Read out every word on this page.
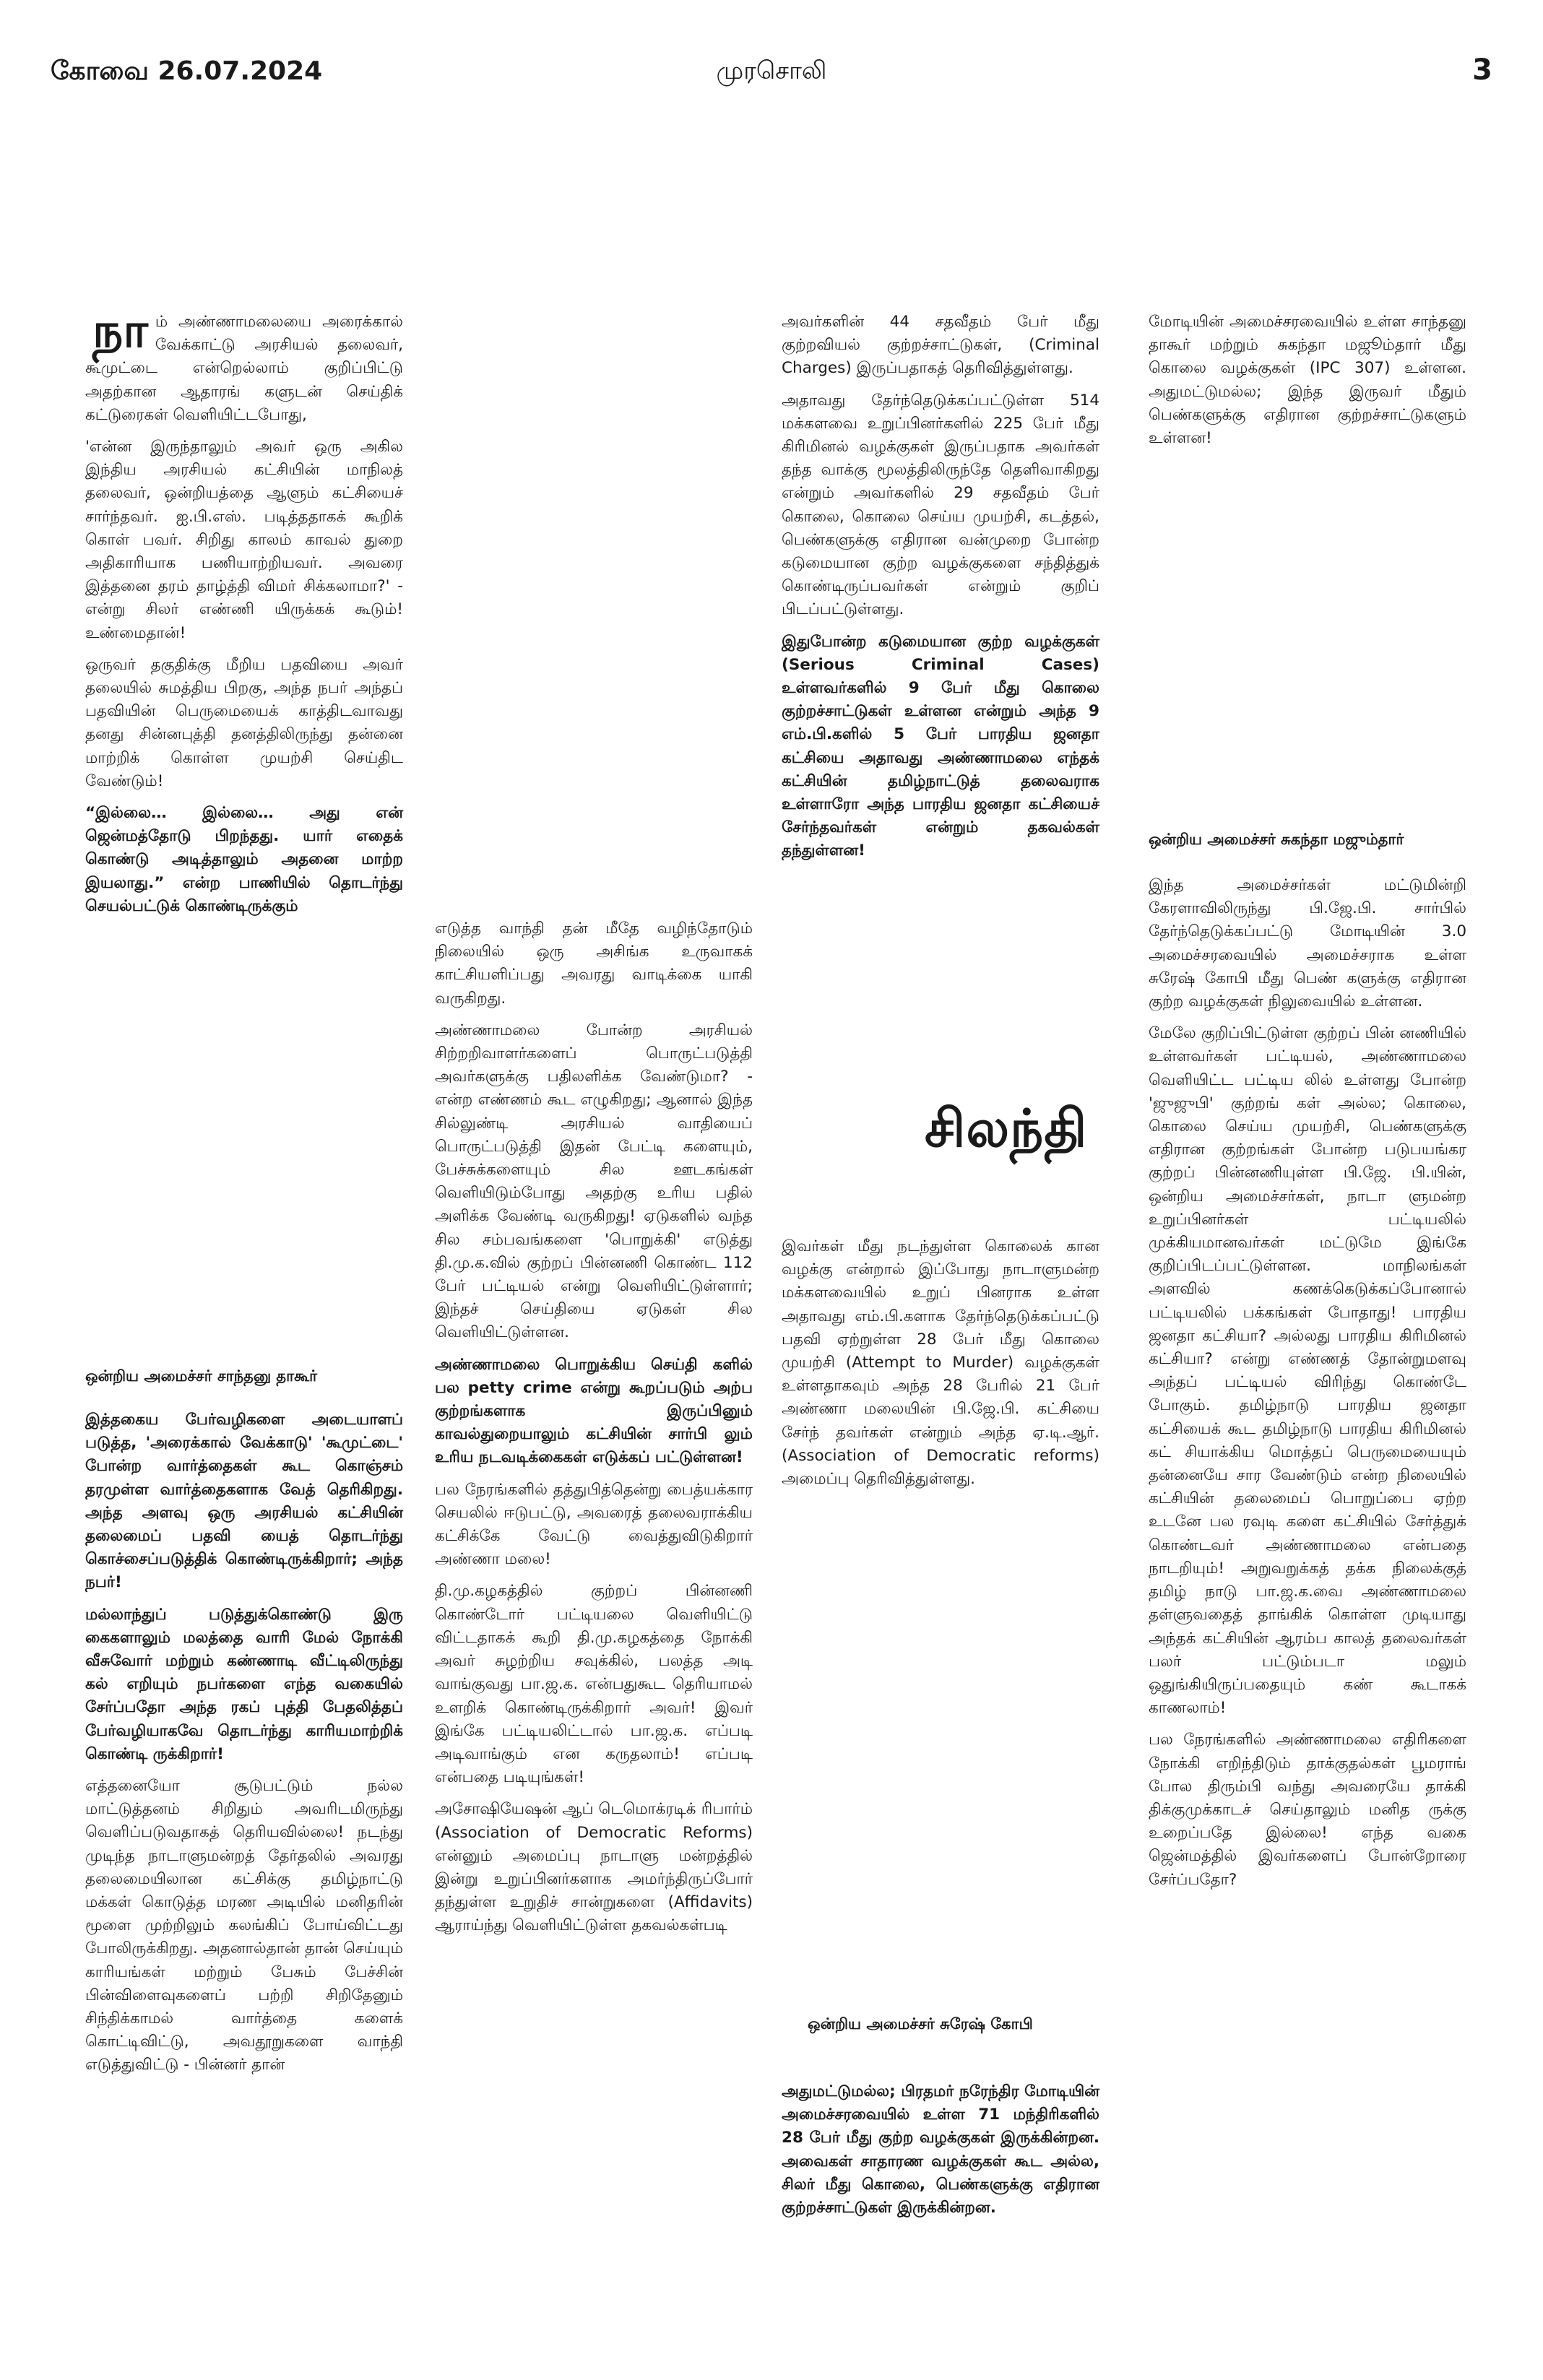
கோவை 26.07.2024	முரசொலி	3

நாம் அண்ணாமலையை அரைக்கால் வேக்காட்டு அரசியல் தலைவர், கூமுட்டை என்றெல்லாம் குறிப்பிட்டு அதற்கான ஆதாரங் களுடன் செய்திக் கட்டுரைகள் வெளியிட்டபோது,

'என்ன இருந்தாலும் அவர் ஒரு அகில இந்திய அரசியல் கட்சியின் மாநிலத் தலைவர், ஒன்றியத்தை ஆளும் கட்சியைச் சார்ந்தவர். ஐ.பி.எஸ். படித்ததாகக் கூறிக் கொள் பவர். சிறிது காலம் காவல் துறை அதிகாரியாக பணியாற்றியவர். அவரை இத்தனை தரம் தாழ்த்தி விமர் சிக்கலாமா?' - என்று சிலர் எண்ணி யிருக்கக் கூடும்! உண்மைதான்!

ஒருவர் தகுதிக்கு மீறிய பதவியை அவர் தலையில் சுமத்திய பிறகு, அந்த நபர் அந்தப் பதவியின் பெருமையைக் காத்திடவாவது தனது சின்னபுத்தி தனத்திலிருந்து தன்னை மாற்றிக் கொள்ள முயற்சி செய்திட வேண்டும்!

“இல்லை… இல்லை… அது என் ஜென்மத்தோடு பிறந்தது. யார் எதைக் கொண்டு அடித்தாலும் அதனை மாற்ற இயலாது.” என்ற பாணியில் தொடர்ந்து செயல்பட்டுக் கொண்டிருக்கும்

ஒன்றிய அமைச்சர் சாந்தனு தாகூர்

இத்தகைய பேர்வழிகளை அடையாளப் படுத்த, 'அரைக்கால் வேக்காடு' 'கூமுட்டை' போன்ற வார்த்தைகள் கூட கொஞ்சம் தரமுள்ள வார்த்தைகளாக வேத் தெரிகிறது. அந்த அளவு ஒரு அரசியல் கட்சியின் தலைமைப் பதவி யைத் தொடர்ந்து கொச்சைப்படுத்திக் கொண்டிருக்கிறார்; அந்த நபர்!

மல்லாந்துப் படுத்துக்கொண்டு இரு கைகளாலும் மலத்தை வாரி மேல் நோக்கி வீசுவோர் மற்றும் கண்ணாடி வீட்டிலிருந்து கல் எறியும் நபர்களை எந்த வகையில் சேர்ப்பதோ அந்த ரகப் புத்தி பேதலித்தப் பேர்வழியாகவே தொடர்ந்து காரியமாற்றிக் கொண்டி ருக்கிறார்!

எத்தனையோ சூடுபட்டும் நல்ல மாட்டுத்தனம் சிறிதும் அவரிடமிருந்து வெளிப்படுவதாகத் தெரியவில்லை! நடந்து முடிந்த நாடாளுமன்றத் தேர்தலில் அவரது தலைமையிலான கட்சிக்கு தமிழ்நாட்டு மக்கள் கொடுத்த மரண அடியில் மனிதரின் மூளை முற்றிலும் கலங்கிப் போய்விட்டது போலிருக்கிறது. அதனால்தான் தான் செய்யும் காரியங்கள் மற்றும் பேசும் பேச்சின் பின்விளைவுகளைப் பற்றி சிறிதேனும் சிந்திக்காமல் வார்த்தை களைக் கொட்டிவிட்டு, அவதூறுகளை வாந்தி எடுத்துவிட்டு - பின்னர் தான்

எடுத்த வாந்தி தன் மீதே வழிந்தோடும் நிலையில் ஒரு அசிங்க உருவாகக் காட்சியளிப்பது அவரது வாடிக்கை யாகி வருகிறது.

அண்ணாமலை போன்ற அரசியல் சிற்றறிவாளர்களைப் பொருட்படுத்தி அவர்களுக்கு பதிலளிக்க வேண்டுமா? - என்ற எண்ணம் கூட எழுகிறது; ஆனால் இந்த சில்லுண்டி அரசியல் வாதியைப் பொருட்படுத்தி இதன் பேட்டி களையும், பேச்சுக்களையும் சில ஊடகங்கள் வெளியிடும்போது அதற்கு உரிய பதில் அளிக்க வேண்டி வருகிறது! ஏடுகளில் வந்த சில சம்பவங்களை 'பொறுக்கி' எடுத்து தி.மு.க.வில் குற்றப் பின்னணி கொண்ட 112 பேர் பட்டியல் என்று வெளியிட்டுள்ளார்; இந்தச் செய்தியை ஏடுகள் சில வெளியிட்டுள்ளன.

அண்ணாமலை பொறுக்கிய செய்தி களில் பல petty crime என்று கூறப்படும் அற்ப குற்றங்களாக இருப்பினும் காவல்துறையாலும் கட்சியின் சார்பி லும் உரிய நடவடிக்கைகள் எடுக்கப் பட்டுள்ளன!

பல நேரங்களில் தத்துபித்தென்று பைத்யக்கார செயலில் ஈடுபட்டு, அவரைத் தலைவராக்கிய கட்சிக்கே வேட்டு வைத்துவிடுகிறார் அண்ணா மலை!

தி.மு.கழகத்தில் குற்றப் பின்னணி கொண்டோர் பட்டியலை வெளியிட்டு விட்டதாகக் கூறி தி.மு.கழகத்தை நோக்கி அவர் சுழற்றிய சவுக்கில், பலத்த அடி வாங்குவது பா.ஜ.க. என்பதுகூட தெரியாமல் உளறிக் கொண்டிருக்கிறார் அவர்! இவர் இங்கே பட்டியலிட்டால் பா.ஜ.க. எப்படி அடிவாங்கும் என கருதலாம்! எப்படி என்பதை படியுங்கள்!

அசோஷியேஷன் ஆப் டெமொக்ரடிக் ரிபார்ம் (Association of Democratic Reforms) என்னும் அமைப்பு நாடாளு மன்றத்தில் இன்று உறுப்பினர்களாக அமர்ந்திருப்போர் தந்துள்ள உறுதிச் சான்றுகளை (Affidavits) ஆராய்ந்து வெளியிட்டுள்ள தகவல்கள்படி

அவர்களின் 44 சதவீதம் பேர் மீது குற்றவியல் குற்றச்சாட்டுகள், (Criminal Charges) இருப்பதாகத் தெரிவித்துள்ளது.

அதாவது தேர்ந்தெடுக்கப்பட்டுள்ள 514 மக்களவை உறுப்பினர்களில் 225 பேர் மீது கிரிமினல் வழக்குகள் இருப்பதாக அவர்கள் தந்த வாக்கு மூலத்திலிருந்தே தெளிவாகிறது என்றும் அவர்களில் 29 சதவீதம் பேர் கொலை, கொலை செய்ய முயற்சி, கடத்தல், பெண்களுக்கு எதிரான வன்முறை போன்ற கடுமையான குற்ற வழக்குகளை சந்தித்துக் கொண்டிருப்பவர்கள் என்றும் குறிப் பிடப்பட்டுள்ளது.

இதுபோன்ற கடுமையான குற்ற வழக்குகள் (Serious Criminal Cases) உள்ளவர்களில் 9 பேர் மீது கொலை குற்றச்சாட்டுகள் உள்ளன என்றும் அந்த 9 எம்.பி.களில் 5 பேர் பாரதிய ஜனதா கட்சியை அதாவது அண்ணாமலை எந்தக் கட்சியின் தமிழ்நாட்டுத் தலைவராக உள்ளாரோ அந்த பாரதிய ஜனதா கட்சியைச் சேர்ந்தவர்கள் என்றும் தகவல்கள் தந்துள்ளன!

சிலந்தி

இவர்கள் மீது நடந்துள்ள கொலைக் கான வழக்கு என்றால் இப்போது நாடாளுமன்ற மக்களவையில் உறுப் பினராக உள்ள அதாவது எம்.பி.களாக தேர்ந்தெடுக்கப்பட்டு பதவி ஏற்றுள்ள 28 பேர் மீது கொலை முயற்சி (Attempt to Murder) வழக்குகள் உள்ளதாகவும் அந்த 28 பேரில் 21 பேர் அண்ணா மலையின் பி.ஜே.பி. கட்சியை சேர்ந் தவர்கள் என்றும் அந்த ஏ.டி.ஆர். (Association of Democratic reforms) அமைப்பு தெரிவித்துள்ளது.

ஒன்றிய அமைச்சர் சுரேஷ் கோபி

அதுமட்டுமல்ல; பிரதமர் நரேந்திர மோடியின் அமைச்சரவையில் உள்ள 71 மந்திரிகளில் 28 பேர் மீது குற்ற வழக்குகள் இருக்கின்றன. அவைகள் சாதாரண வழக்குகள் கூட அல்ல, சிலர் மீது கொலை, பெண்களுக்கு எதிரான குற்றச்சாட்டுகள் இருக்கின்றன.

மோடியின் அமைச்சரவையில் உள்ள சாந்தனு தாகூர் மற்றும் சுகந்தா மஜூம்தார் மீது கொலை வழக்குகள் (IPC 307) உள்ளன. அதுமட்டுமல்ல; இந்த இருவர் மீதும் பெண்களுக்கு எதிரான குற்றச்சாட்டுகளும் உள்ளன!

ஒன்றிய அமைச்சர் சுகந்தா மஜும்தார்

இந்த அமைச்சர்கள் மட்டுமின்றி கேரளாவிலிருந்து பி.ஜே.பி. சார்பில் தேர்ந்தெடுக்கப்பட்டு மோடியின் 3.0 அமைச்சரவையில் அமைச்சராக உள்ள சுரேஷ் கோபி மீது பெண் களுக்கு எதிரான குற்ற வழக்குகள் நிலுவையில் உள்ளன.

மேலே குறிப்பிட்டுள்ள குற்றப் பின் னணியில் உள்ளவர்கள் பட்டியல், அண்ணாமலை வெளியிட்ட பட்டிய லில் உள்ளது போன்ற 'ஜுஜுபி' குற்றங் கள் அல்ல; கொலை, கொலை செய்ய முயற்சி, பெண்களுக்கு எதிரான குற்றங்கள் போன்ற படுபயங்கர குற்றப் பின்னணியுள்ள பி.ஜே. பி.யின், ஒன்றிய அமைச்சர்கள், நாடா ளுமன்ற உறுப்பினர்கள் பட்டியலில் முக்கியமானவர்கள் மட்டுமே இங்கே குறிப்பிடப்பட்டுள்ளன. மாநிலங்கள் அளவில் கணக்கெடுக்கப்போனால் பட்டியலில் பக்கங்கள் போதாது! பாரதிய ஜனதா கட்சியா? அல்லது பாரதிய கிரிமினல் கட்சியா? என்று எண்ணத் தோன்றுமளவு அந்தப் பட்டியல் விரிந்து கொண்டே போகும். தமிழ்நாடு பாரதிய ஜனதா கட்சியைக் கூட தமிழ்நாடு பாரதிய கிரிமினல் கட் சியாக்கிய மொத்தப் பெருமையையும் தன்னையே சார வேண்டும் என்ற நிலையில் கட்சியின் தலைமைப் பொறுப்பை ஏற்ற உடனே பல ரவுடி களை கட்சியில் சேர்த்துக் கொண்டவர் அண்ணாமலை என்பதை நாடறியும்! அறுவறுக்கத் தக்க நிலைக்குத் தமிழ் நாடு பா.ஜ.க.வை அண்ணாமலை தள்ளுவதைத் தாங்கிக் கொள்ள முடியாது அந்தக் கட்சியின் ஆரம்ப காலத் தலைவர்கள் பலர் பட்டும்படா மலும் ஒதுங்கியிருப்பதையும் கண் கூடாகக் காணலாம்!

பல நேரங்களில் அண்ணாமலை எதிரிகளை நோக்கி எறிந்திடும் தாக்குதல்கள் பூமராங் போல திரும்பி வந்து அவரையே தாக்கி திக்குமுக்காடச் செய்தாலும் மனித ருக்கு உறைப்பதே இல்லை! எந்த வகை ஜென்மத்தில் இவர்களைப் போன்றோரை சேர்ப்பதோ?
